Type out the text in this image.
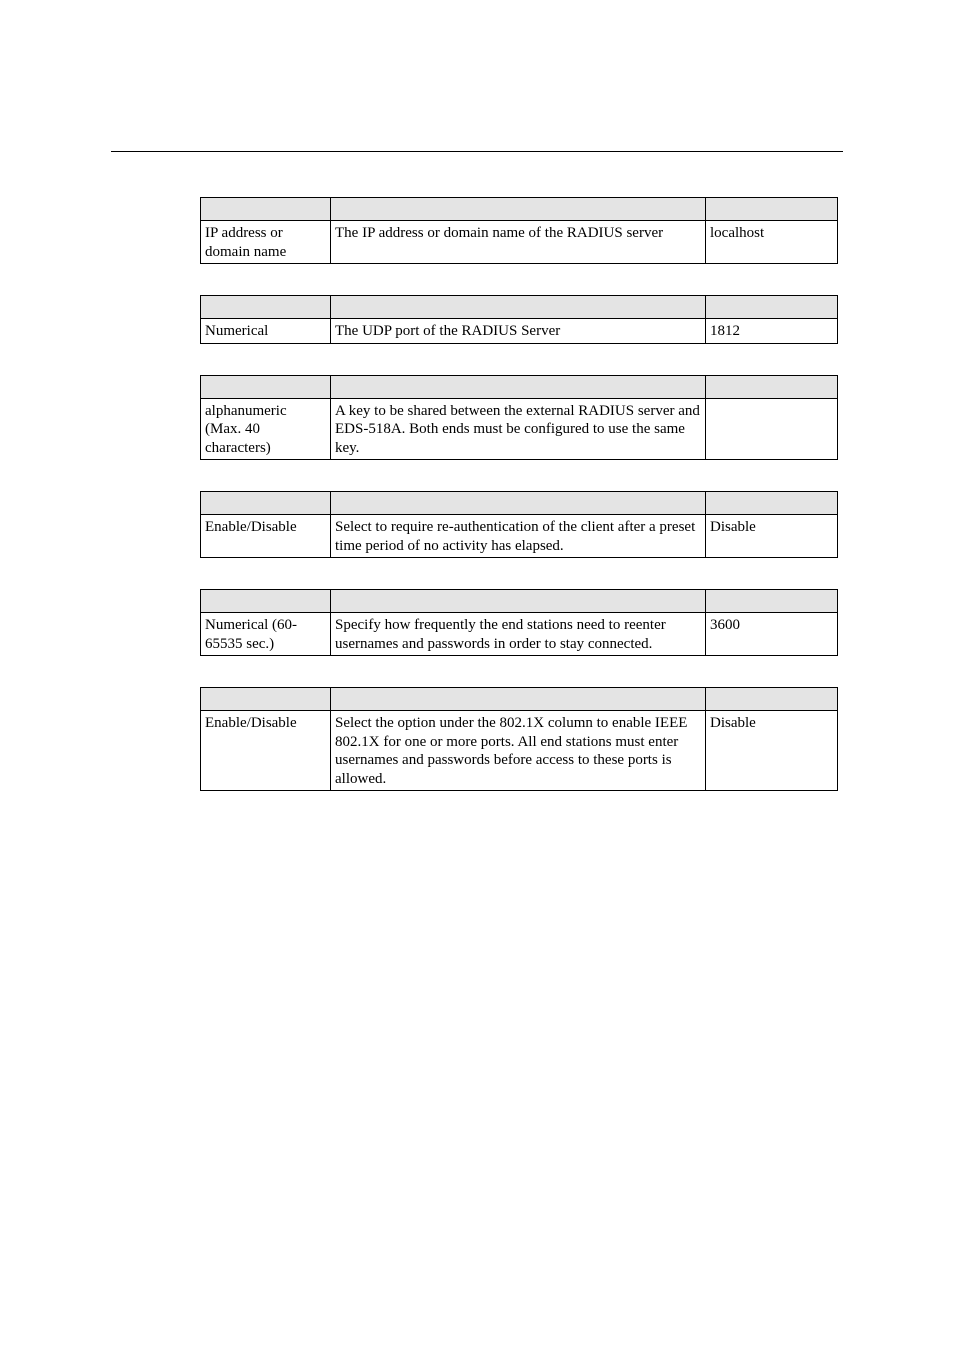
IP address or domain name	The IP address or domain name of the RADIUS server	localhost

Numerical	The UDP port of the RADIUS Server	1812

alphanumeric (Max. 40 characters)	A key to be shared between the external RADIUS server and EDS-518A. Both ends must be configured to use the same key.	

Enable/Disable	Select to require re-authentication of the client after a preset time period of no activity has elapsed.	Disable

Numerical (60-65535 sec.)	Specify how frequently the end stations need to reenter usernames and passwords in order to stay connected.	3600

Enable/Disable	Select the option under the 802.1X column to enable IEEE 802.1X for one or more ports. All end stations must enter usernames and passwords before access to these ports is allowed.	Disable
